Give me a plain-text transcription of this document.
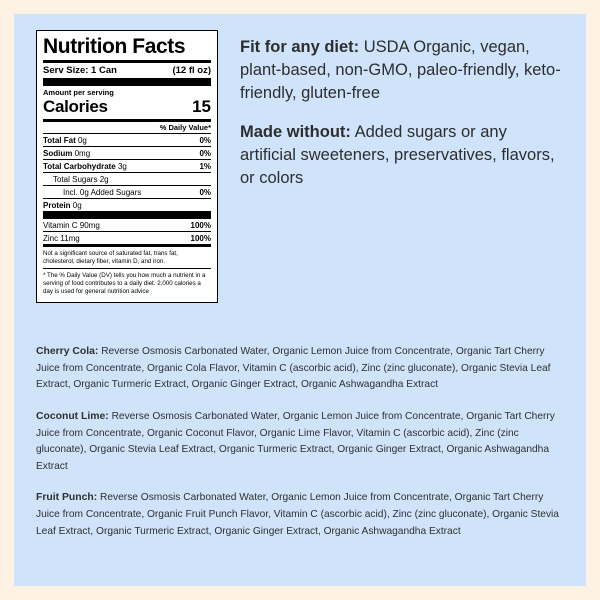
Nutrition Facts
Serv Size: 1 Can	(12 fl oz)
Amount per serving
Calories	15
% Daily Value*
Total Fat 0g	0%
Sodium 0mg	0%
Total Carbohydrate 3g	1%
Total Sugars 2g
Incl. 0g Added Sugars	0%
Protein 0g
Vitamin C 90mg	100%
Zinc 11mg	100%
Not a significant source of saturated fat, trans fat, cholesterol, dietary fiber, vitamin D, and iron.
* The % Daily Value (DV) tells you how much a nutrient in a serving of food contributes to a daily diet. 2,000 calories a day is used for general nutrition advice

Fit for any diet: USDA Organic, vegan, plant-based, non-GMO, paleo-friendly, keto-friendly, gluten-free

Made without: Added sugars or any artificial sweeteners, preservatives, flavors, or colors

Cherry Cola: Reverse Osmosis Carbonated Water, Organic Lemon Juice from Concentrate, Organic Tart Cherry Juice from Concentrate, Organic Cola Flavor, Vitamin C (ascorbic acid), Zinc (zinc gluconate), Organic Stevia Leaf Extract, Organic Turmeric Extract, Organic Ginger Extract, Organic Ashwagandha Extract

Coconut Lime: Reverse Osmosis Carbonated Water, Organic Lemon Juice from Concentrate, Organic Tart Cherry Juice from Concentrate, Organic Coconut Flavor, Organic Lime Flavor, Vitamin C (ascorbic acid), Zinc (zinc gluconate), Organic Stevia Leaf Extract, Organic Turmeric Extract, Organic Ginger Extract, Organic Ashwagandha Extract

Fruit Punch: Reverse Osmosis Carbonated Water, Organic Lemon Juice from Concentrate, Organic Tart Cherry Juice from Concentrate, Organic Fruit Punch Flavor, Vitamin C (ascorbic acid), Zinc (zinc gluconate), Organic Stevia Leaf Extract, Organic Turmeric Extract, Organic Ginger Extract, Organic Ashwagandha Extract
